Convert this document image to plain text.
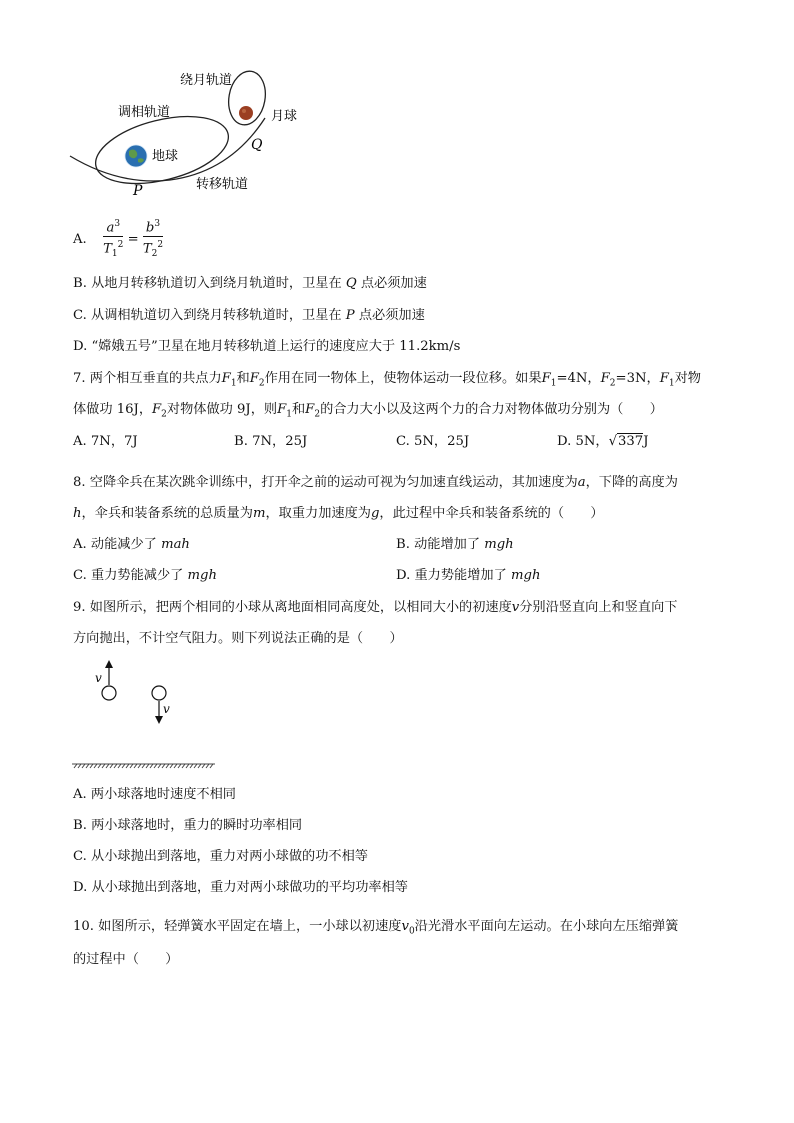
绕月轨道
调相轨道	月球
地球
转移轨道
P
Q
A. $\frac{a^3}{T_1^2} = \frac{b^3}{T_2^2}$
B. 从地月转移轨道切入到绕月轨道时，卫星在 Q 点必须加速
C. 从调相轨道切入到绕月转移轨道时，卫星在 P 点必须加速
D. “嫦娥五号”卫星在地月转移轨道上运行的速度应大于 11.2km/s
7. 两个相互垂直的共点力$F_1$和$F_2$作用在同一物体上，使物体运动一段位移。如果$F_1=4N$，$F_2=3N$，$F_1$对物
体做功 16J，$F_2$对物体做功 9J，则$F_1$和$F_2$的合力大小以及这两个力的合力对物体做功分别为（　　）
A. 7N，7J	B. 7N，25J	C. 5N，25J	D. 5N，√337J
8. 空降伞兵在某次跳伞训练中，打开伞之前的运动可视为匀加速直线运动，其加速度为a，下降的高度为
h，伞兵和装备系统的总质量为m，取重力加速度为g，此过程中伞兵和装备系统的（　　）
A. 动能减少了 mah	B. 动能增加了 mgh
C. 重力势能减少了 mgh	D. 重力势能增加了 mgh
9. 如图所示，把两个相同的小球从离地面相同高度处，以相同大小的初速度v分别沿竖直向上和竖直向下
方向抛出，不计空气阻力。则下列说法正确的是（　　）
v
v
A. 两小球落地时速度不相同
B. 两小球落地时，重力的瞬时功率相同
C. 从小球抛出到落地，重力对两小球做的功不相等
D. 从小球抛出到落地，重力对两小球做功的平均功率相等
10. 如图所示，轻弹簧水平固定在墙上，一小球以初速度$v_0$沿光滑水平面向左运动。在小球向左压缩弹簧
的过程中（　　）
